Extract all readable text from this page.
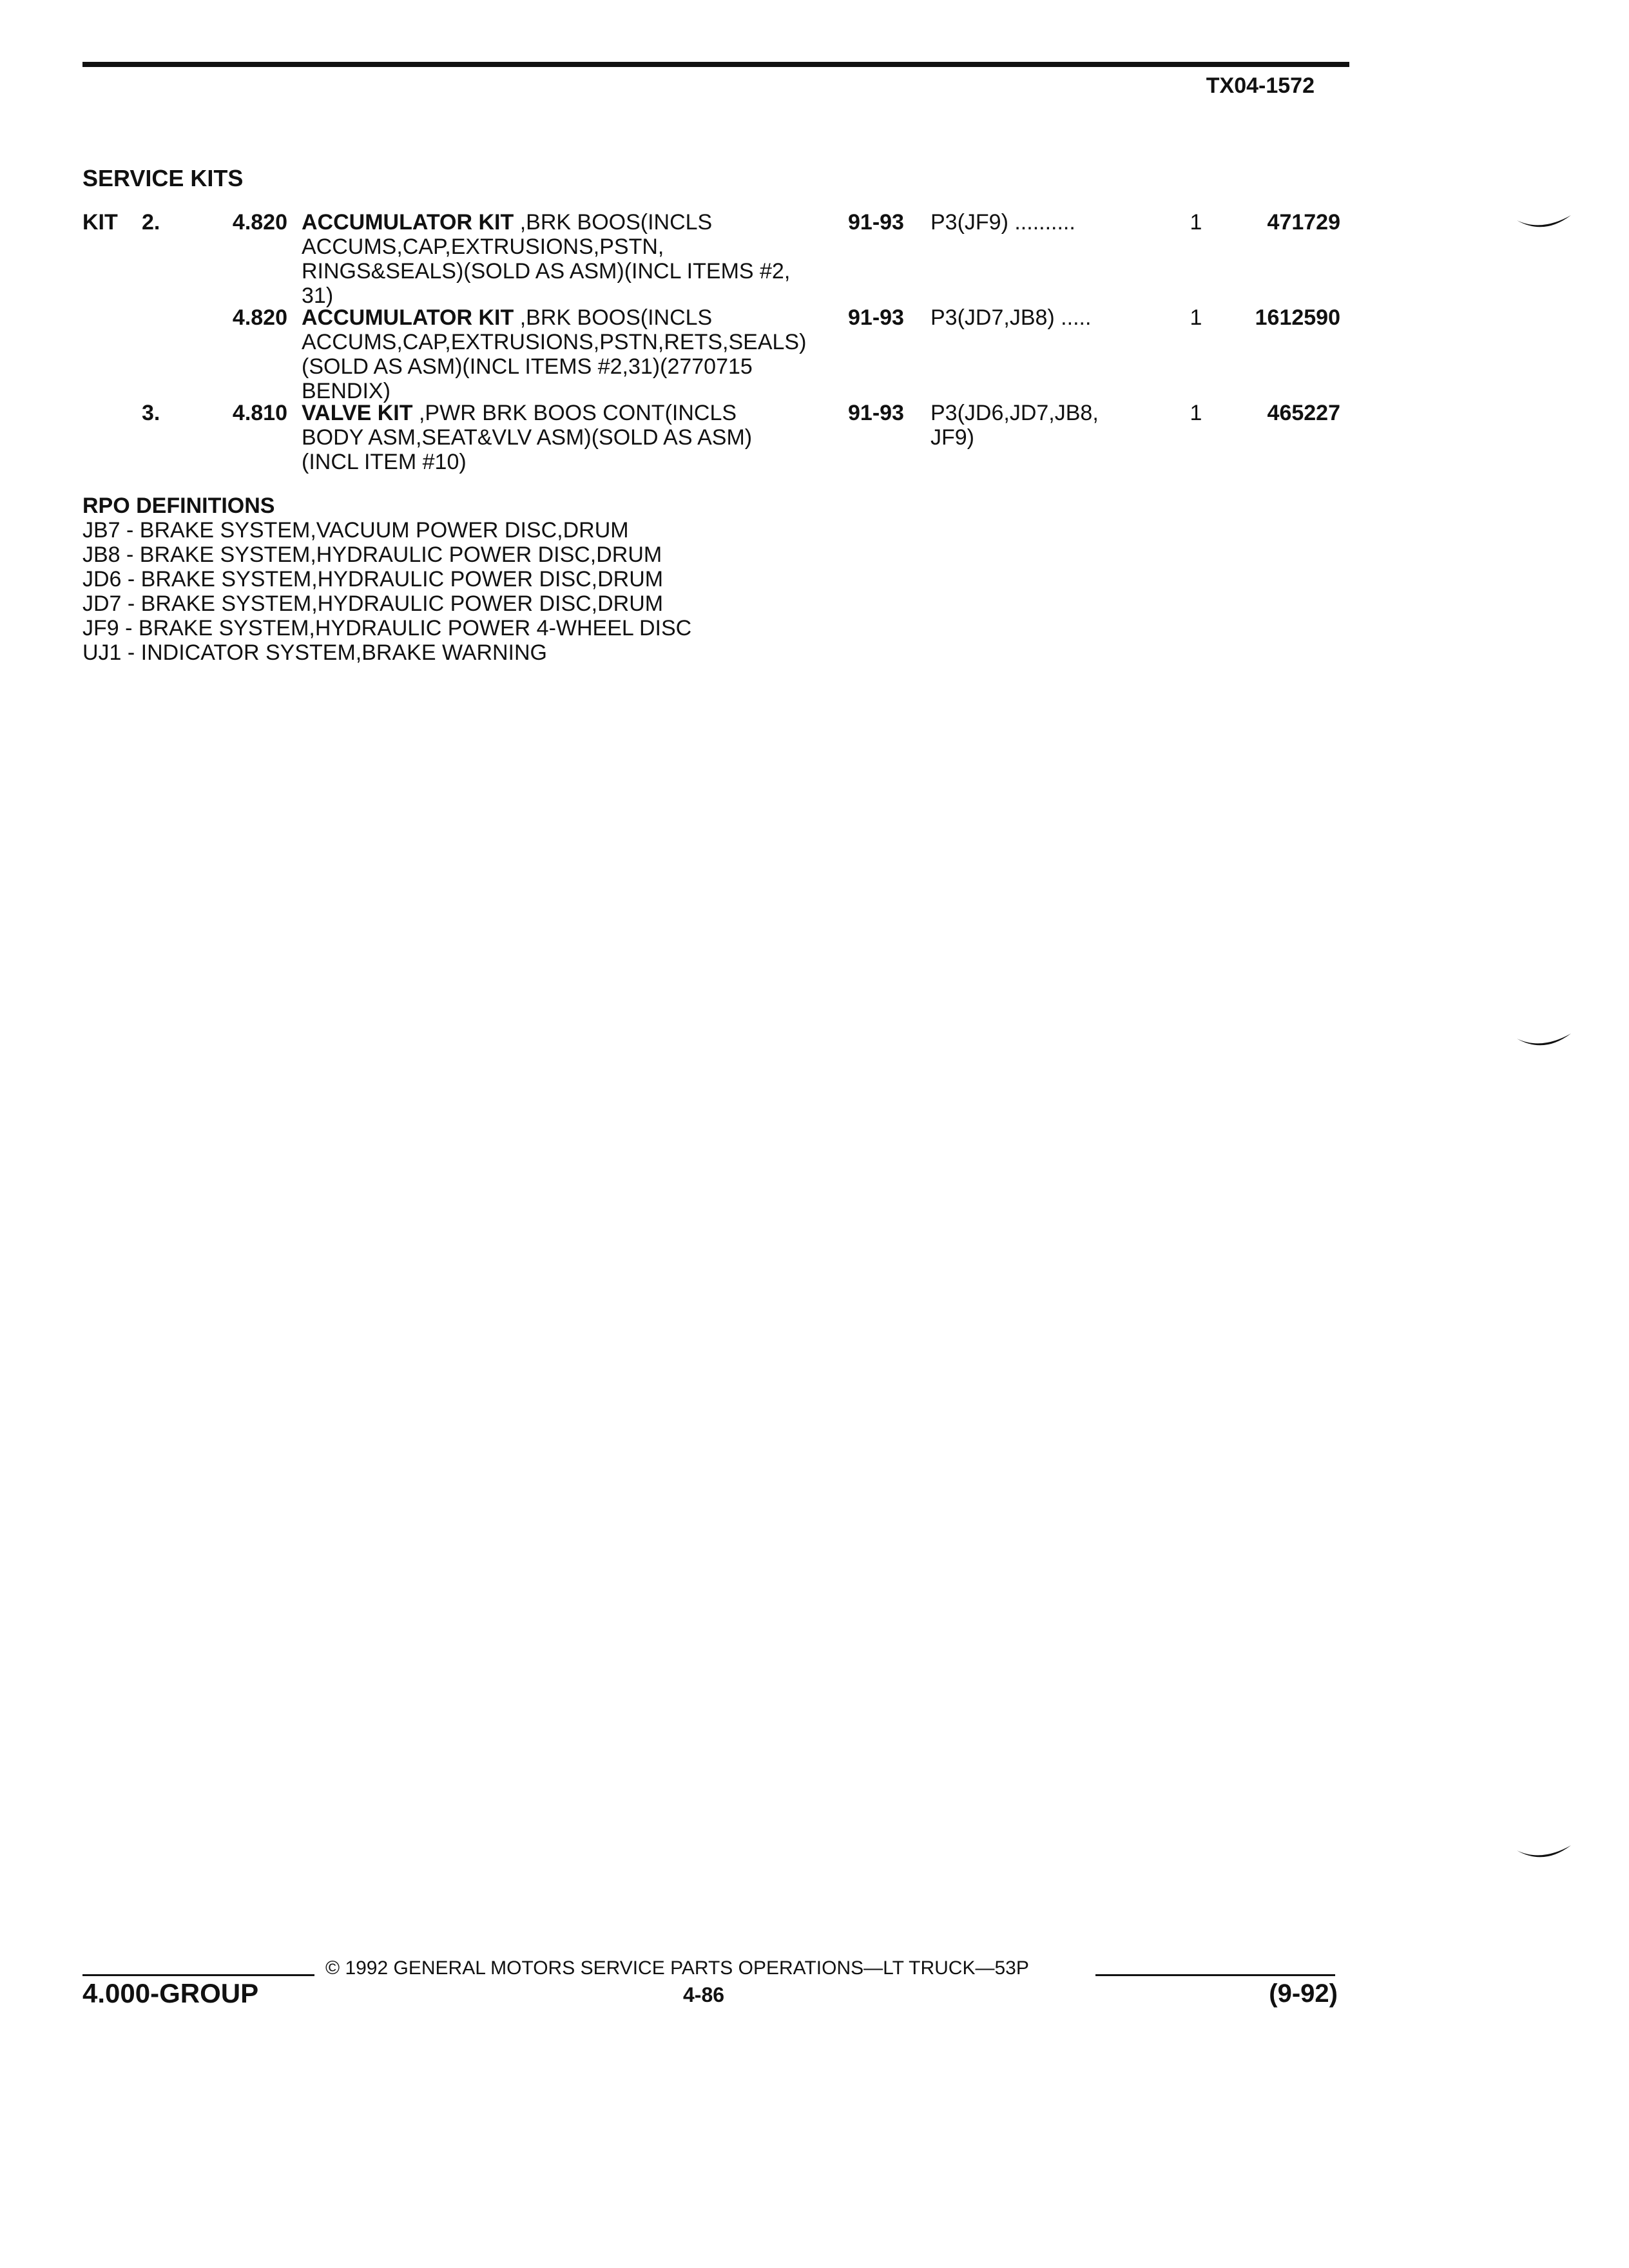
TX04-1572
SERVICE KITS
KIT	2.	4.820 ACCUMULATOR KIT ,BRK BOOS(INCLS
ACCUMS,CAP,EXTRUSIONS,PSTN,
RINGS&SEALS)(SOLD AS ASM)(INCL ITEMS #2,
31)
91-93	P3(JF9) ..........	1	471729
4.820 ACCUMULATOR KIT ,BRK BOOS(INCLS
ACCUMS,CAP,EXTRUSIONS,PSTN,RETS,SEALS)
(SOLD AS ASM)(INCL ITEMS #2,31)(2770715
BENDIX)
91-93	P3(JD7,JB8) .....	1	1612590
3.	4.810 VALVE KIT ,PWR BRK BOOS CONT(INCLS
BODY ASM,SEAT&VLV ASM)(SOLD AS ASM)
(INCL ITEM #10)
91-93	P3(JD6,JD7,JB8,
JF9)
1	465227
RPO DEFINITIONS
JB7 - BRAKE SYSTEM,VACUUM POWER DISC,DRUM
JB8 - BRAKE SYSTEM,HYDRAULIC POWER DISC,DRUM
JD6 - BRAKE SYSTEM,HYDRAULIC POWER DISC,DRUM
JD7 - BRAKE SYSTEM,HYDRAULIC POWER DISC,DRUM
JF9 - BRAKE SYSTEM,HYDRAULIC POWER 4-WHEEL DISC
UJ1 - INDICATOR SYSTEM,BRAKE WARNING
© 1992 GENERAL MOTORS SERVICE PARTS OPERATIONS—LT TRUCK—53P
4.000-GROUP	4-86	(9-92)
